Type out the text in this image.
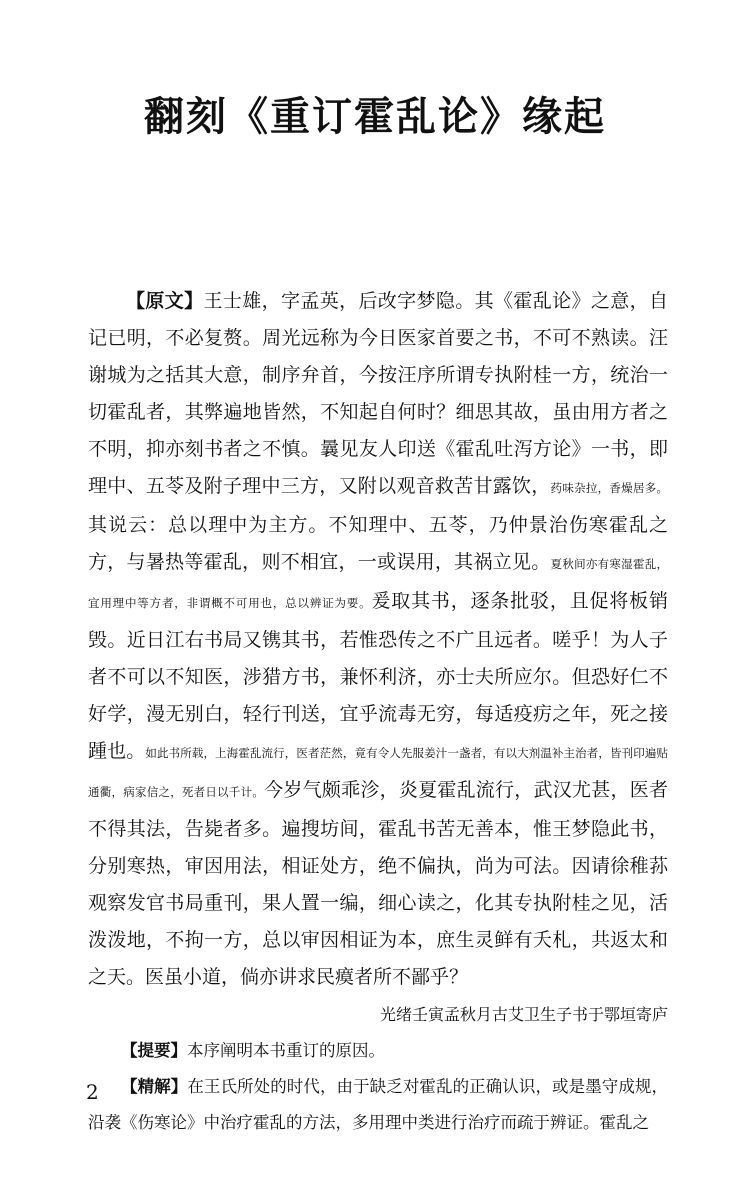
翻刻《重订霍乱论》缘起

【原文】王士雄，字孟英，后改字梦隐。其《霍乱论》之意，自记已明，不必复赘。周光远称为今日医家首要之书，不可不熟读。汪谢城为之括其大意，制序弁首，今按汪序所谓专执附桂一方，统治一切霍乱者，其弊遍地皆然，不知起自何时？细思其故，虽由用方者之不明，抑亦刻书者之不慎。曩见友人印送《霍乱吐泻方论》一书，即理中、五苓及附子理中三方，又附以观音救苦甘露饮，药味杂拉，香燥居多。其说云：总以理中为主方。不知理中、五苓，乃仲景治伤寒霍乱之方，与暑热等霍乱，则不相宜，一或误用，其祸立见。夏秋间亦有寒湿霍乱，宜用理中等方者，非谓概不可用也，总以辨证为要。爰取其书，逐条批驳，且促将板销毁。近日江右书局又镌其书，若惟恐传之不广且远者。嗟乎！为人子者不可以不知医，涉猎方书，兼怀利济，亦士夫所应尔。但恐好仁不好学，漫无别白，轻行刊送，宜乎流毒无穷，每适疫疠之年，死之接踵也。如此书所载，上海霍乱流行，医者茫然，竟有令人先服姜汁一盏者，有以大剂温补主治者，皆刊印遍贴通衢，病家信之，死者日以千计。今岁气颇乖沴，炎夏霍乱流行，武汉尤甚，医者不得其法，告毙者多。遍搜坊间，霍乱书苦无善本，惟王梦隐此书，分别寒热，审因用法，相证处方，绝不偏执，尚为可法。因请徐稚荪观察发官书局重刊，果人置一编，细心读之，化其专执附桂之见，活泼泼地，不拘一方，总以审因相证为本，庶生灵鲜有夭札，共返太和之天。医虽小道，倘亦讲求民瘼者所不鄙乎？

光绪壬寅孟秋月古艾卫生子书于鄂垣寄庐

【提要】本序阐明本书重订的原因。

【精解】在王氏所处的时代，由于缺乏对霍乱的正确认识，或是墨守成规，沿袭《伤寒论》中治疗霍乱的方法，多用理中类进行治疗而疏于辨证。霍乱之

2
